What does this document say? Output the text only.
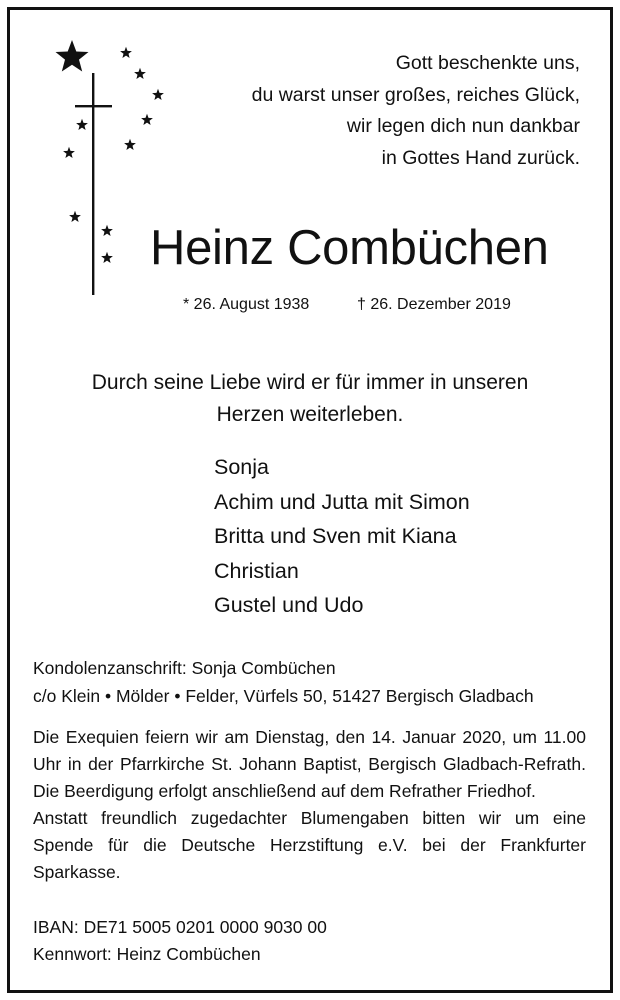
Gott beschenkte uns,
du warst unser großes, reiches Glück,
wir legen dich nun dankbar
in Gottes Hand zurück.
Heinz Combüchen
* 26. August 1938	† 26. Dezember 2019
Durch seine Liebe wird er für immer in unseren
Herzen weiterleben.
Sonja
Achim und Jutta mit Simon
Britta und Sven mit Kiana
Christian
Gustel und Udo
Kondolenzanschrift: Sonja Combüchen
c/o Klein • Mölder • Felder, Vürfels 50, 51427 Bergisch Gladbach

Die Exequien feiern wir am Dienstag, den 14. Januar 2020, um 11.00 Uhr in der Pfarrkirche St. Johann Baptist, Bergisch Gladbach-Refrath. Die Beerdigung erfolgt anschließend auf dem Refrather Friedhof.

Anstatt freundlich zugedachter Blumengaben bitten wir um eine Spende für die Deutsche Herzstiftung e.V. bei der Frankfurter Sparkasse.

IBAN: DE71 5005 0201 0000 9030 00
Kennwort: Heinz Combüchen
